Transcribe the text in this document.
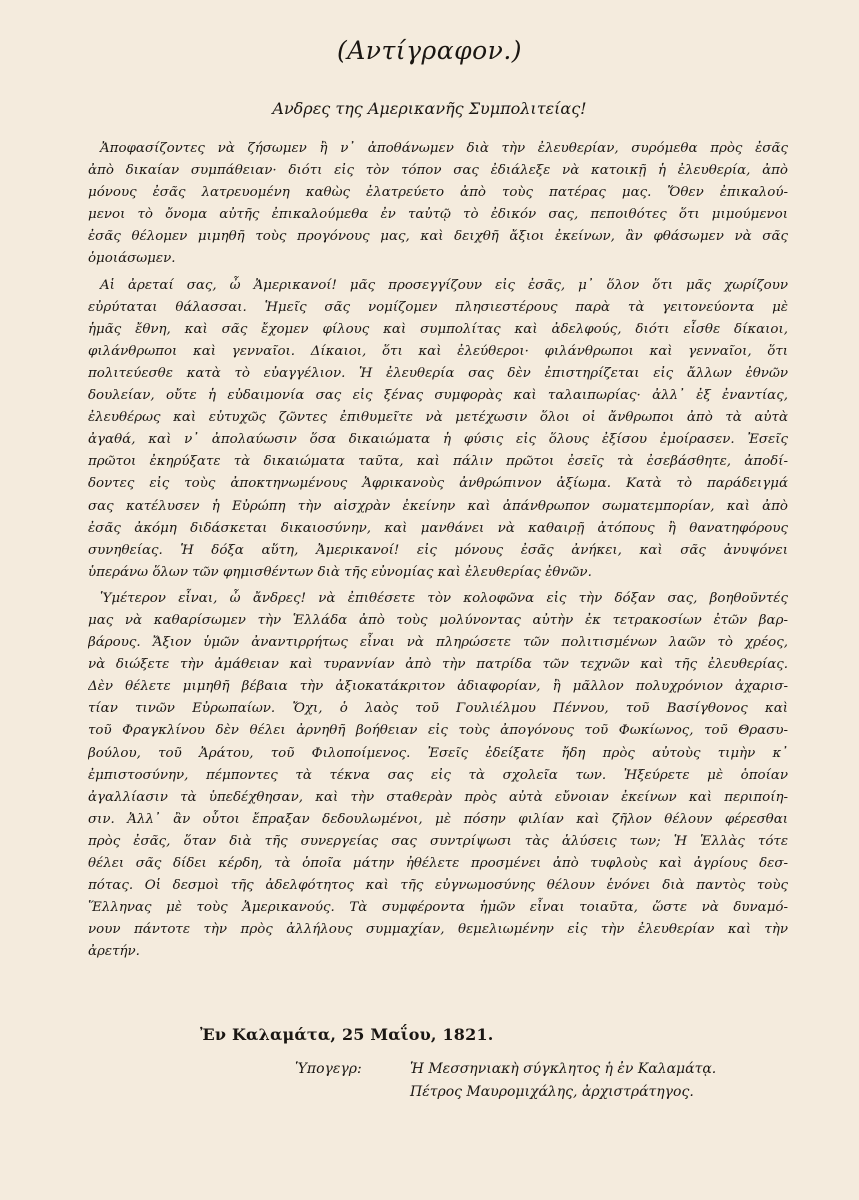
(Αντίγραφον.)
Ανδρες της Αμερικανῆς Συμπολιτείας!
Ἀποφασίζοντες νὰ ζήσωμεν ἢ ν᾽ ἀποθάνωμεν διὰ τὴν ἐλευθερίαν, συρόμεθα πρὸς ἐσᾶς
ἀπὸ δικαίαν συμπάθειαν· διότι εἰς τὸν τόπον σας ἐδιάλεξε νὰ κατοικῇ ἡ ἐλευθερία, ἀπὸ
μόνους ἐσᾶς λατρευομένη καθὼς ἐλατρεύετο ἀπὸ τοὺς πατέρας μας. Ὅθεν ἐπικαλού-
μενοι τὸ ὄνομα αὐτῆς ἐπικαλούμεθα ἐν ταὐτῷ τὸ ἐδικόν σας, πεποιθότες ὅτι μιμούμενοι
ἐσᾶς θέλομεν μιμηθῆ τοὺς προγόνους μας, καὶ δειχθῆ ἄξιοι ἐκείνων, ἂν φθάσωμεν νὰ σᾶς
ὁμοιάσωμεν.
Αἱ ἀρεταί σας, ὦ Ἀμερικανοί! μᾶς προσεγγίζουν εἰς ἐσᾶς, μ᾽ ὅλον ὅτι μᾶς χωρίζουν
εὐρύταται θάλασσαι. Ἡμεῖς σᾶς νομίζομεν πλησιεστέρους παρὰ τὰ γειτονεύοντα μὲ
ἡμᾶς ἔθνη, καὶ σᾶς ἔχομεν φίλους καὶ συμπολίτας καὶ ἀδελφούς, διότι εἶσθε δίκαιοι,
φιλάνθρωποι καὶ γενναῖοι. Δίκαιοι, ὅτι καὶ ἐλεύθεροι· φιλάνθρωποι καὶ γενναῖοι, ὅτι
πολιτεύεσθε κατὰ τὸ εὐαγγέλιον. Ἡ ἐλευθερία σας δὲν ἐπιστηρίζεται εἰς ἄλλων ἐθνῶν
δουλείαν, οὔτε ἡ εὐδαιμονία σας εἰς ξένας συμφορὰς καὶ ταλαιπωρίας· ἀλλ᾽ ἐξ ἐναντίας,
ἐλευθέρως καὶ εὐτυχῶς ζῶντες ἐπιθυμεῖτε νὰ μετέχωσιν ὅλοι οἱ ἄνθρωποι ἀπὸ τὰ αὐτὰ
ἀγαθά, καὶ ν᾽ ἀπολαύωσιν ὅσα δικαιώματα ἡ φύσις εἰς ὅλους ἐξίσου ἐμοίρασεν. Ἐσεῖς
πρῶτοι ἐκηρύξατε τὰ δικαιώματα ταῦτα, καὶ πάλιν πρῶτοι ἐσεῖς τὰ ἐσεβάσθητε, ἀποδί-
δοντες εἰς τοὺς ἀποκτηνωμένους Ἀφρικανοὺς ἀνθρώπινον ἀξίωμα. Κατὰ τὸ παράδειγμά
σας κατέλυσεν ἡ Εὐρώπη τὴν αἰσχρὰν ἐκείνην καὶ ἀπάνθρωπον σωματεμπορίαν, καὶ ἀπὸ
ἐσᾶς ἀκόμη διδάσκεται δικαιοσύνην, καὶ μανθάνει νὰ καθαιρῇ ἀτόπους ἢ θανατηφόρους
συνηθείας. Ἡ δόξα αὕτη, Ἀμερικανοί! εἰς μόνους ἐσᾶς ἀνήκει, καὶ σᾶς ἀνυψόνει
ὑπεράνω ὅλων τῶν φημισθέντων διὰ τῆς εὐνομίας καὶ ἐλευθερίας ἐθνῶν.
Ὑμέτερον εἶναι, ὦ ἄνδρες! νὰ ἐπιθέσετε τὸν κολοφῶνα εἰς τὴν δόξαν σας, βοηθοῦντές
μας νὰ καθαρίσωμεν τὴν Ἑλλάδα ἀπὸ τοὺς μολύνοντας αὐτὴν ἐκ τετρακοσίων ἐτῶν βαρ-
βάρους. Ἄξιον ὑμῶν ἀναντιρρήτως εἶναι νὰ πληρώσετε τῶν πολιτισμένων λαῶν τὸ χρέος,
νὰ διώξετε τὴν ἀμάθειαν καὶ τυραννίαν ἀπὸ τὴν πατρίδα τῶν τεχνῶν καὶ τῆς ἐλευθερίας.
Δὲν θέλετε μιμηθῆ βέβαια τὴν ἀξιοκατάκριτον ἀδιαφορίαν, ἢ μᾶλλον πολυχρόνιον ἀχαρισ-
τίαν τινῶν Εὐρωπαίων. Ὄχι, ὁ λαὸς τοῦ Γουλιέλμου Πέννου, τοῦ Βασίγθονος καὶ
τοῦ Φραγκλίνου δὲν θέλει ἀρνηθῆ βοήθειαν εἰς τοὺς ἀπογόνους τοῦ Φωκίωνος, τοῦ Θρασυ-
βούλου, τοῦ Ἀράτου, τοῦ Φιλοποίμενος. Ἐσεῖς ἐδείξατε ἤδη πρὸς αὐτοὺς τιμὴν κ᾽
ἐμπιστοσύνην, πέμποντες τὰ τέκνα σας εἰς τὰ σχολεῖα των. Ἠξεύρετε μὲ ὁποίαν
ἀγαλλίασιν τὰ ὑπεδέχθησαν, καὶ τὴν σταθερὰν πρὸς αὐτὰ εὔνοιαν ἐκείνων καὶ περιποίη-
σιν. Ἀλλ᾽ ἂν οὗτοι ἔπραξαν δεδουλωμένοι, μὲ πόσην φιλίαν καὶ ζῆλον θέλουν φέρεσθαι
πρὸς ἐσᾶς, ὅταν διὰ τῆς συνεργείας σας συντρίψωσι τὰς ἁλύσεις των; Ἡ Ἑλλὰς τότε
θέλει σᾶς δίδει κέρδη, τὰ ὁποῖα μάτην ἠθέλετε προσμένει ἀπὸ τυφλοὺς καὶ ἀγρίους δεσ-
πότας. Οἱ δεσμοὶ τῆς ἀδελφότητος καὶ τῆς εὐγνωμοσύνης θέλουν ἑνόνει διὰ παντὸς τοὺς
Ἕλληνας μὲ τοὺς Ἀμερικανούς. Τὰ συμφέροντα ἡμῶν εἶναι τοιαῦτα, ὥστε νὰ δυναμό-
νουν πάντοτε τὴν πρὸς ἀλλήλους συμμαχίαν, θεμελιωμένην εἰς τὴν ἐλευθερίαν καὶ τὴν
ἀρετήν.
Ἐν Καλαμάτα, 25 Μαΐου, 1821.
Ὑπογεγρ:	Ἡ Μεσσηνιακὴ σύγκλητος ἡ ἐν Καλαμάτᾳ.
Πέτρος Μαυρομιχάλης, ἀρχιστράτηγος.
